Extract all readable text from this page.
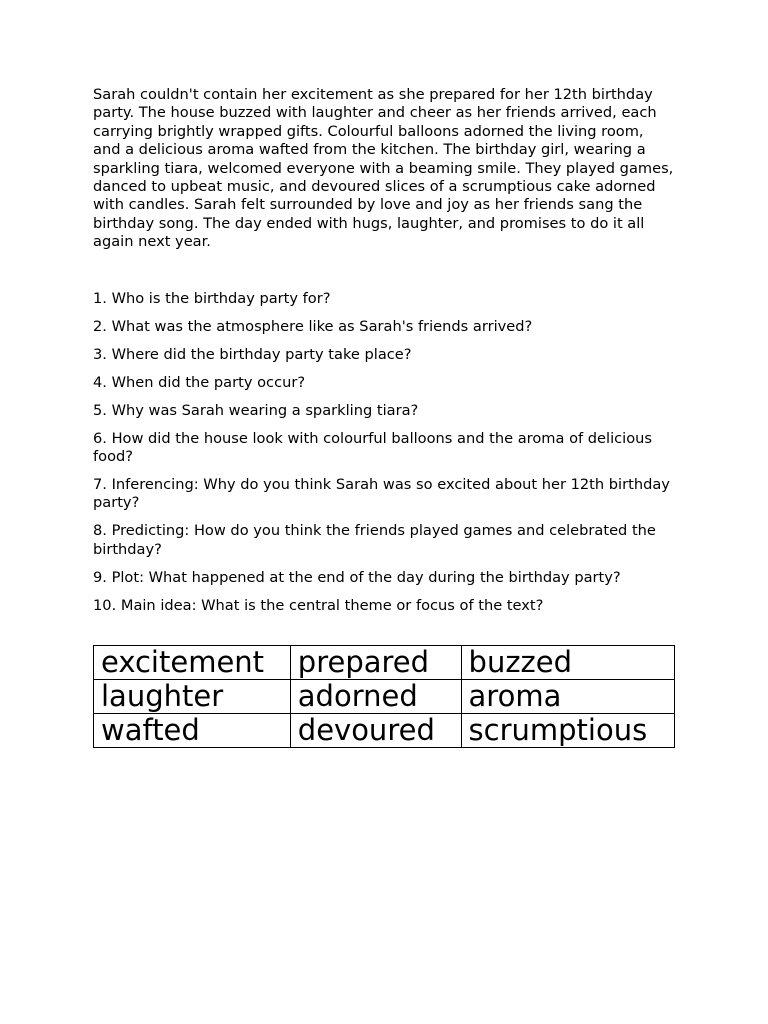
Sarah couldn't contain her excitement as she prepared for her 12th birthday party. The house buzzed with laughter and cheer as her friends arrived, each carrying brightly wrapped gifts. Colourful balloons adorned the living room, and a delicious aroma wafted from the kitchen. The birthday girl, wearing a sparkling tiara, welcomed everyone with a beaming smile. They played games, danced to upbeat music, and devoured slices of a scrumptious cake adorned with candles. Sarah felt surrounded by love and joy as her friends sang the birthday song. The day ended with hugs, laughter, and promises to do it all again next year.

1. Who is the birthday party for?
2. What was the atmosphere like as Sarah's friends arrived?
3. Where did the birthday party take place?
4. When did the party occur?
5. Why was Sarah wearing a sparkling tiara?
6. How did the house look with colourful balloons and the aroma of delicious food?
7. Inferencing: Why do you think Sarah was so excited about her 12th birthday party?
8. Predicting: How do you think the friends played games and celebrated the birthday?
9. Plot: What happened at the end of the day during the birthday party?
10. Main idea: What is the central theme or focus of the text?
excitement	prepared	buzzed
laughter	adorned	aroma
wafted	devoured	scrumptious
